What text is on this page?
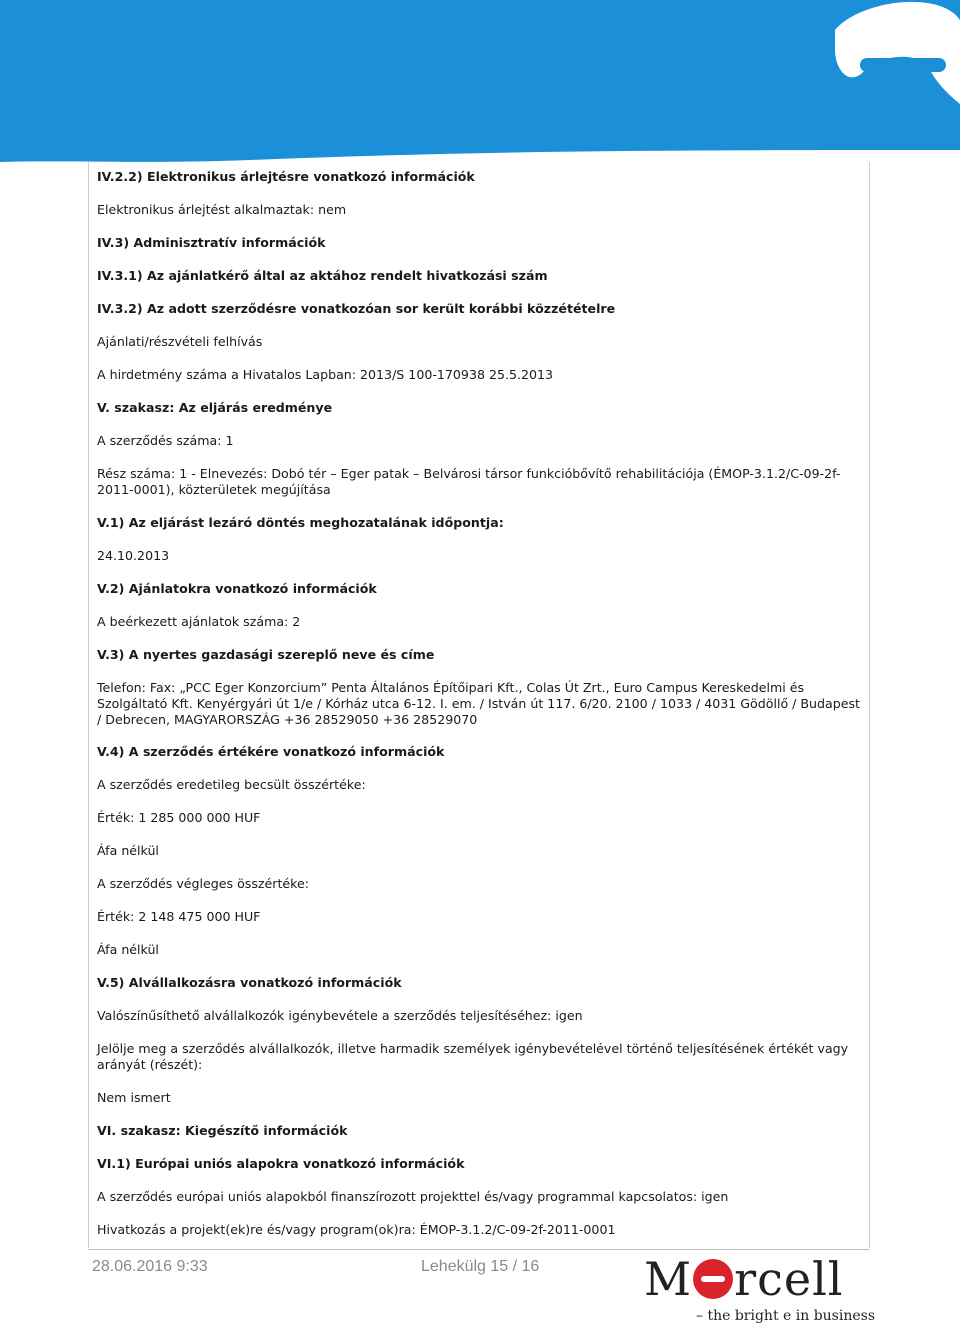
IV.2.2) Elektronikus árlejtésre vonatkozó információk
Elektronikus árlejtést alkalmaztak: nem
IV.3) Adminisztratív információk
IV.3.1) Az ajánlatkérő által az aktához rendelt hivatkozási szám
IV.3.2) Az adott szerződésre vonatkozóan sor került korábbi közzétételre
Ajánlati/részvételi felhívás
A hirdetmény száma a Hivatalos Lapban: 2013/S 100-170938 25.5.2013
V. szakasz: Az eljárás eredménye
A szerződés száma: 1
Rész száma: 1 - Elnevezés: Dobó tér – Eger patak – Belvárosi társor funkcióbővítő rehabilitációja (ÉMOP-3.1.2/C-09-2f-2011-0001), közterületek megújítása
V.1) Az eljárást lezáró döntés meghozatalának időpontja:
24.10.2013
V.2) Ajánlatokra vonatkozó információk
A beérkezett ajánlatok száma: 2
V.3) A nyertes gazdasági szereplő neve és címe
Telefon: Fax: „PCC Eger Konzorcium” Penta Általános Építőipari Kft., Colas Út Zrt., Euro Campus Kereskedelmi és Szolgáltató Kft. Kenyérgyári út 1/e / Kórház utca 6-12. I. em. / István út 117. 6/20. 2100 / 1033 / 4031 Gödöllő / Budapest / Debrecen, MAGYARORSZÁG +36 28529050 +36 28529070
V.4) A szerződés értékére vonatkozó információk
A szerződés eredetileg becsült összértéke:
Érték: 1 285 000 000 HUF
Áfa nélkül
A szerződés végleges összértéke:
Érték: 2 148 475 000 HUF
Áfa nélkül
V.5) Alvállalkozásra vonatkozó információk
Valószínűsíthető alvállalkozók igénybevétele a szerződés teljesítéséhez: igen
Jelölje meg a szerződés alvállalkozók, illetve harmadik személyek igénybevételével történő teljesítésének értékét vagy arányát (részét):
Nem ismert
VI. szakasz: Kiegészítő információk
VI.1) Európai uniós alapokra vonatkozó információk
A szerződés európai uniós alapokból finanszírozott projekttel és/vagy programmal kapcsolatos: igen
Hivatkozás a projekt(ek)re és/vagy program(ok)ra: ÉMOP-3.1.2/C-09-2f-2011-0001
28.06.2016 9:33	Lehekülg 15 / 16 M rcell
– the bright e in business
